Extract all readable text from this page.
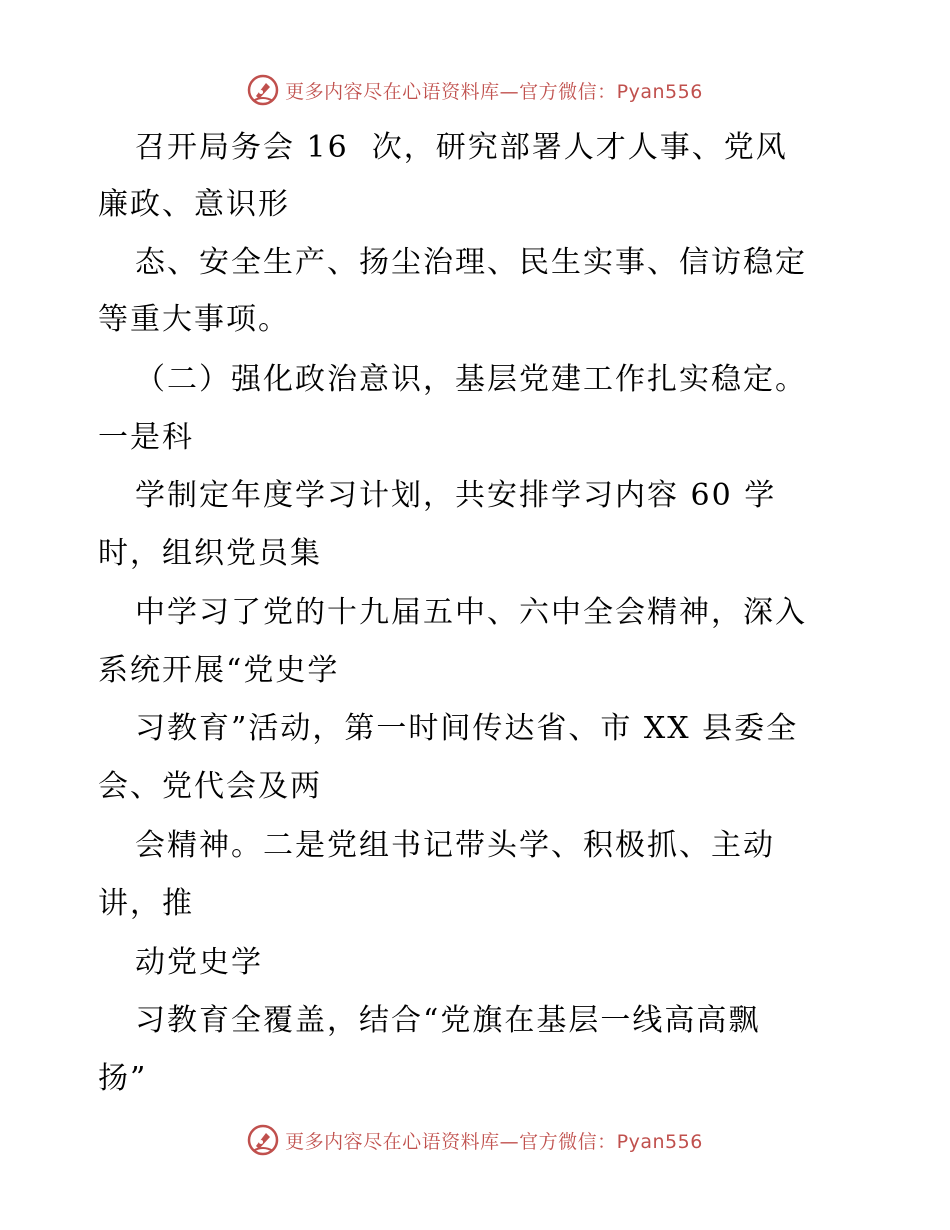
更多内容尽在心语资料库—官方微信：Pyan556
召开局务会 16  次，研究部署人才人事、党风
廉政、意识形
态、安全生产、扬尘治理、民生实事、信访稳定
等重大事项。
（二）强化政治意识，基层党建工作扎实稳定。
一是科
学制定年度学习计划，共安排学习内容 60 学
时，组织党员集
中学习了党的十九届五中、六中全会精神，深入
系统开展“党史学
习教育”活动，第一时间传达省、市 XX 县委全
会、党代会及两
会精神。二是党组书记带头学、积极抓、主动
讲，推
动党史学
习教育全覆盖，结合“党旗在基层一线高高飘
扬”
更多内容尽在心语资料库—官方微信：Pyan556
